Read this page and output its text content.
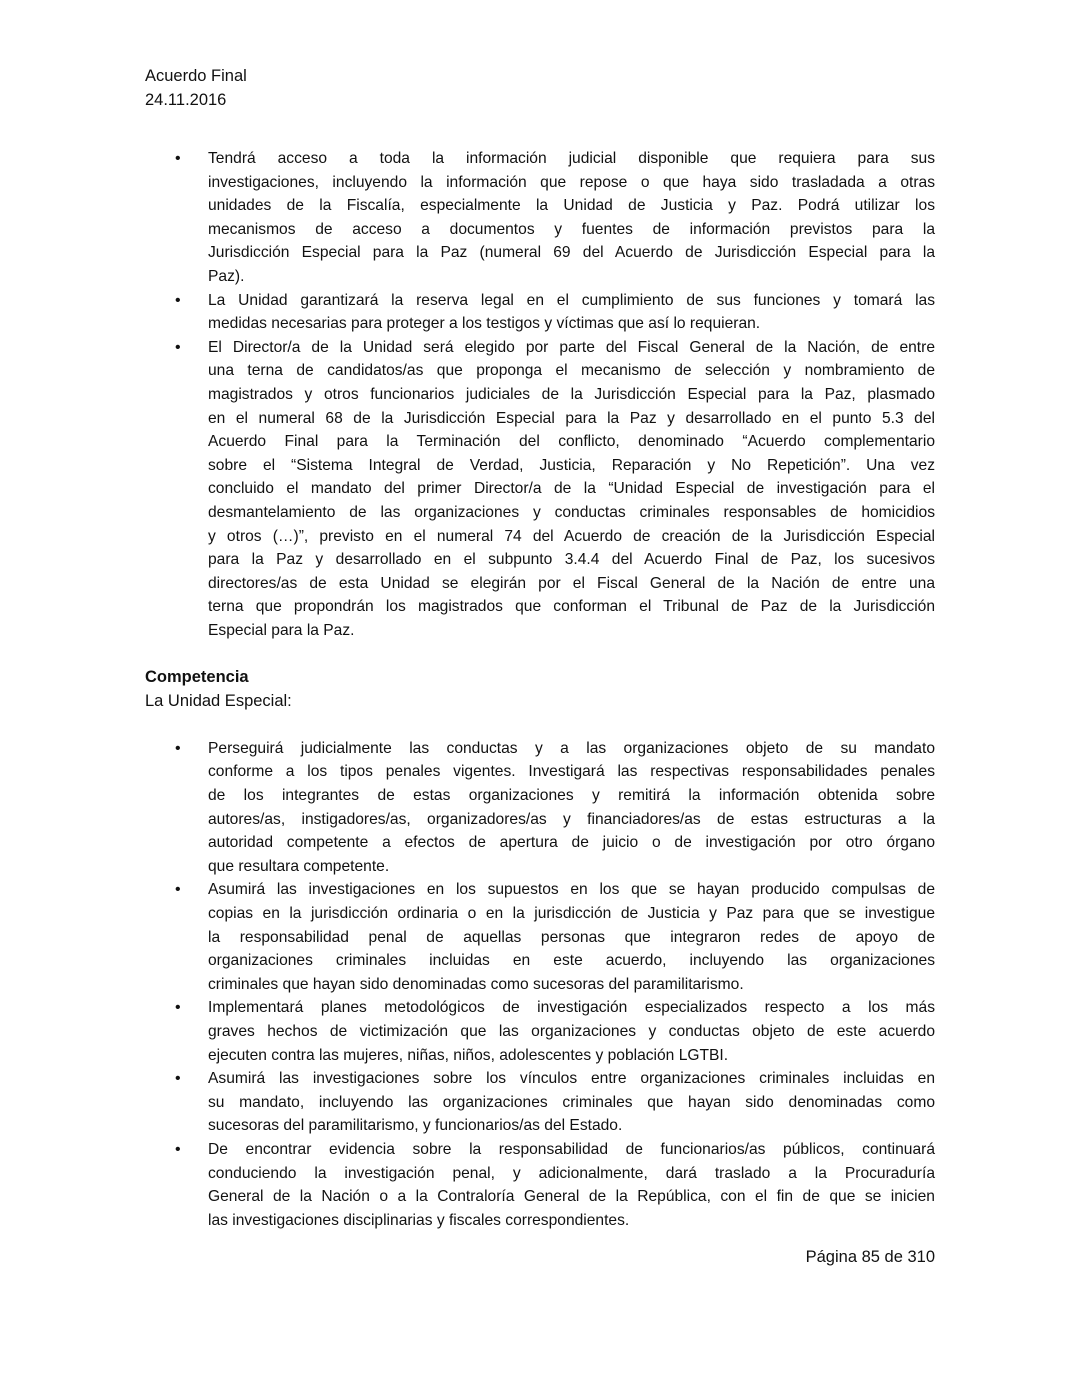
Acuerdo Final
24.11.2016
• Tendrá acceso a toda la información judicial disponible que requiera para sus
investigaciones, incluyendo la información que repose o que haya sido trasladada a otras
unidades de la Fiscalía, especialmente la Unidad de Justicia y Paz. Podrá utilizar los
mecanismos de acceso a documentos y fuentes de información previstos para la
Jurisdicción Especial para la Paz (numeral 69 del Acuerdo de Jurisdicción Especial para la
Paz).
• La Unidad garantizará la reserva legal en el cumplimiento de sus funciones y tomará las
medidas necesarias para proteger a los testigos y víctimas que así lo requieran.
• El Director/a de la Unidad será elegido por parte del Fiscal General de la Nación, de entre
una terna de candidatos/as que proponga el mecanismo de selección y nombramiento de
magistrados y otros funcionarios judiciales de la Jurisdicción Especial para la Paz, plasmado
en el numeral 68 de la Jurisdicción Especial para la Paz y desarrollado en el punto 5.3 del
Acuerdo Final para la Terminación del conflicto, denominado “Acuerdo complementario
sobre el “Sistema Integral de Verdad, Justicia, Reparación y No Repetición”. Una vez
concluido el mandato del primer Director/a de la “Unidad Especial de investigación para el
desmantelamiento de las organizaciones y conductas criminales responsables de homicidios
y otros (…)”, previsto en el numeral 74 del Acuerdo de creación de la Jurisdicción Especial
para la Paz y desarrollado en el subpunto 3.4.4 del Acuerdo Final de Paz, los sucesivos
directores/as de esta Unidad se elegirán por el Fiscal General de la Nación de entre una
terna que propondrán los magistrados que conforman el Tribunal de Paz de la Jurisdicción
Especial para la Paz.
Competencia
La Unidad Especial:
• Perseguirá judicialmente las conductas y a las organizaciones objeto de su mandato
conforme a los tipos penales vigentes. Investigará las respectivas responsabilidades penales
de los integrantes de estas organizaciones y remitirá la información obtenida sobre
autores/as, instigadores/as, organizadores/as y financiadores/as de estas estructuras a la
autoridad competente a efectos de apertura de juicio o de investigación por otro órgano
que resultara competente.
• Asumirá las investigaciones en los supuestos en los que se hayan producido compulsas de
copias en la jurisdicción ordinaria o en la jurisdicción de Justicia y Paz para que se investigue
la responsabilidad penal de aquellas personas que integraron redes de apoyo de
organizaciones criminales incluidas en este acuerdo, incluyendo las organizaciones
criminales que hayan sido denominadas como sucesoras del paramilitarismo.
• Implementará planes metodológicos de investigación especializados respecto a los más
graves hechos de victimización que las organizaciones y conductas objeto de este acuerdo
ejecuten contra las mujeres, niñas, niños, adolescentes y población LGTBI.
• Asumirá las investigaciones sobre los vínculos entre organizaciones criminales incluidas en
su mandato, incluyendo las organizaciones criminales que hayan sido denominadas como
sucesoras del paramilitarismo, y funcionarios/as del Estado.
• De encontrar evidencia sobre la responsabilidad de funcionarios/as públicos, continuará
conduciendo la investigación penal, y adicionalmente, dará traslado a la Procuraduría
General de la Nación o a la Contraloría General de la República, con el fin de que se inicien
las investigaciones disciplinarias y fiscales correspondientes.
Página 85 de 310
